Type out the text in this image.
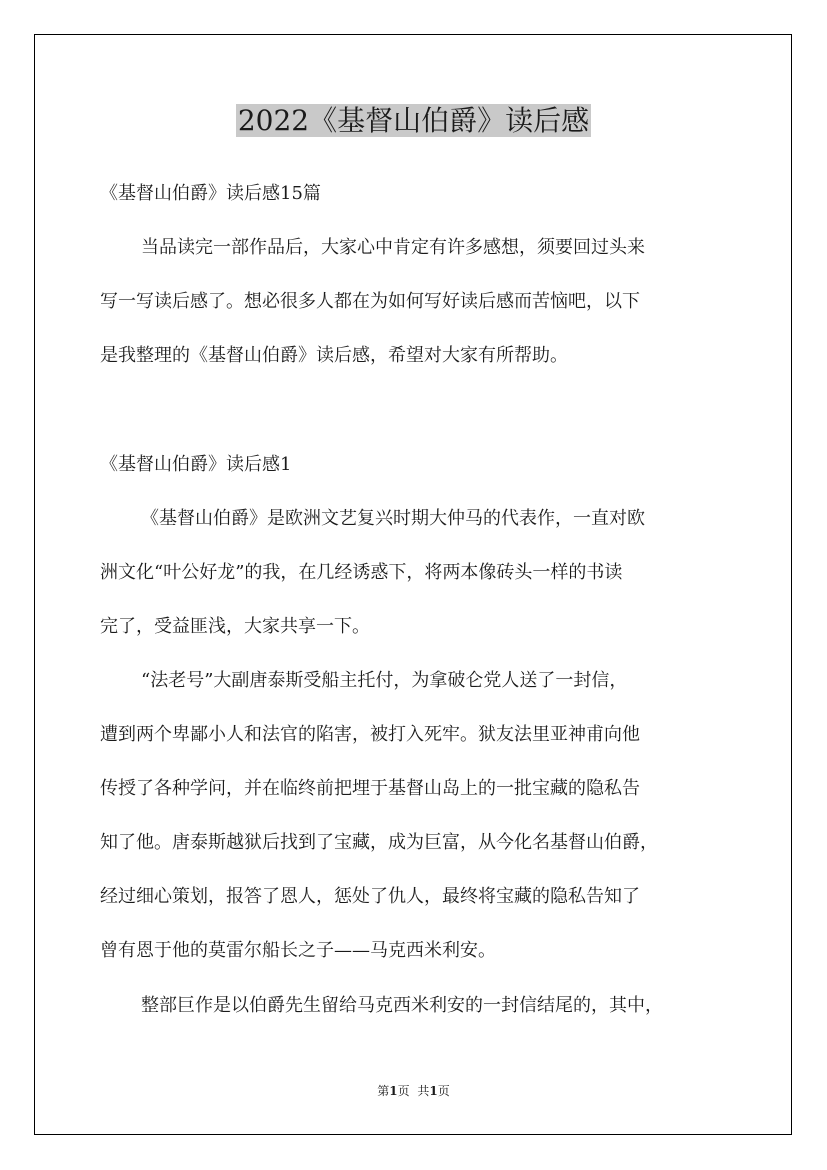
2022《基督山伯爵》读后感

《基督山伯爵》读后感15篇

当品读完一部作品后，大家心中肯定有许多感想，须要回过头来

写一写读后感了。想必很多人都在为如何写好读后感而苦恼吧，以下

是我整理的《基督山伯爵》读后感，希望对大家有所帮助。

《基督山伯爵》读后感1

《基督山伯爵》是欧洲文艺复兴时期大仲马的代表作，一直对欧

洲文化“叶公好龙”的我，在几经诱惑下，将两本像砖头一样的书读

完了，受益匪浅，大家共享一下。

“法老号”大副唐泰斯受船主托付，为拿破仑党人送了一封信，

遭到两个卑鄙小人和法官的陷害，被打入死牢。狱友法里亚神甫向他

传授了各种学问，并在临终前把埋于基督山岛上的一批宝藏的隐私告

知了他。唐泰斯越狱后找到了宝藏，成为巨富，从今化名基督山伯爵，

经过细心策划，报答了恩人，惩处了仇人，最终将宝藏的隐私告知了

曾有恩于他的莫雷尔船长之子——马克西米利安。

整部巨作是以伯爵先生留给马克西米利安的一封信结尾的，其中，

第1页 共1页
